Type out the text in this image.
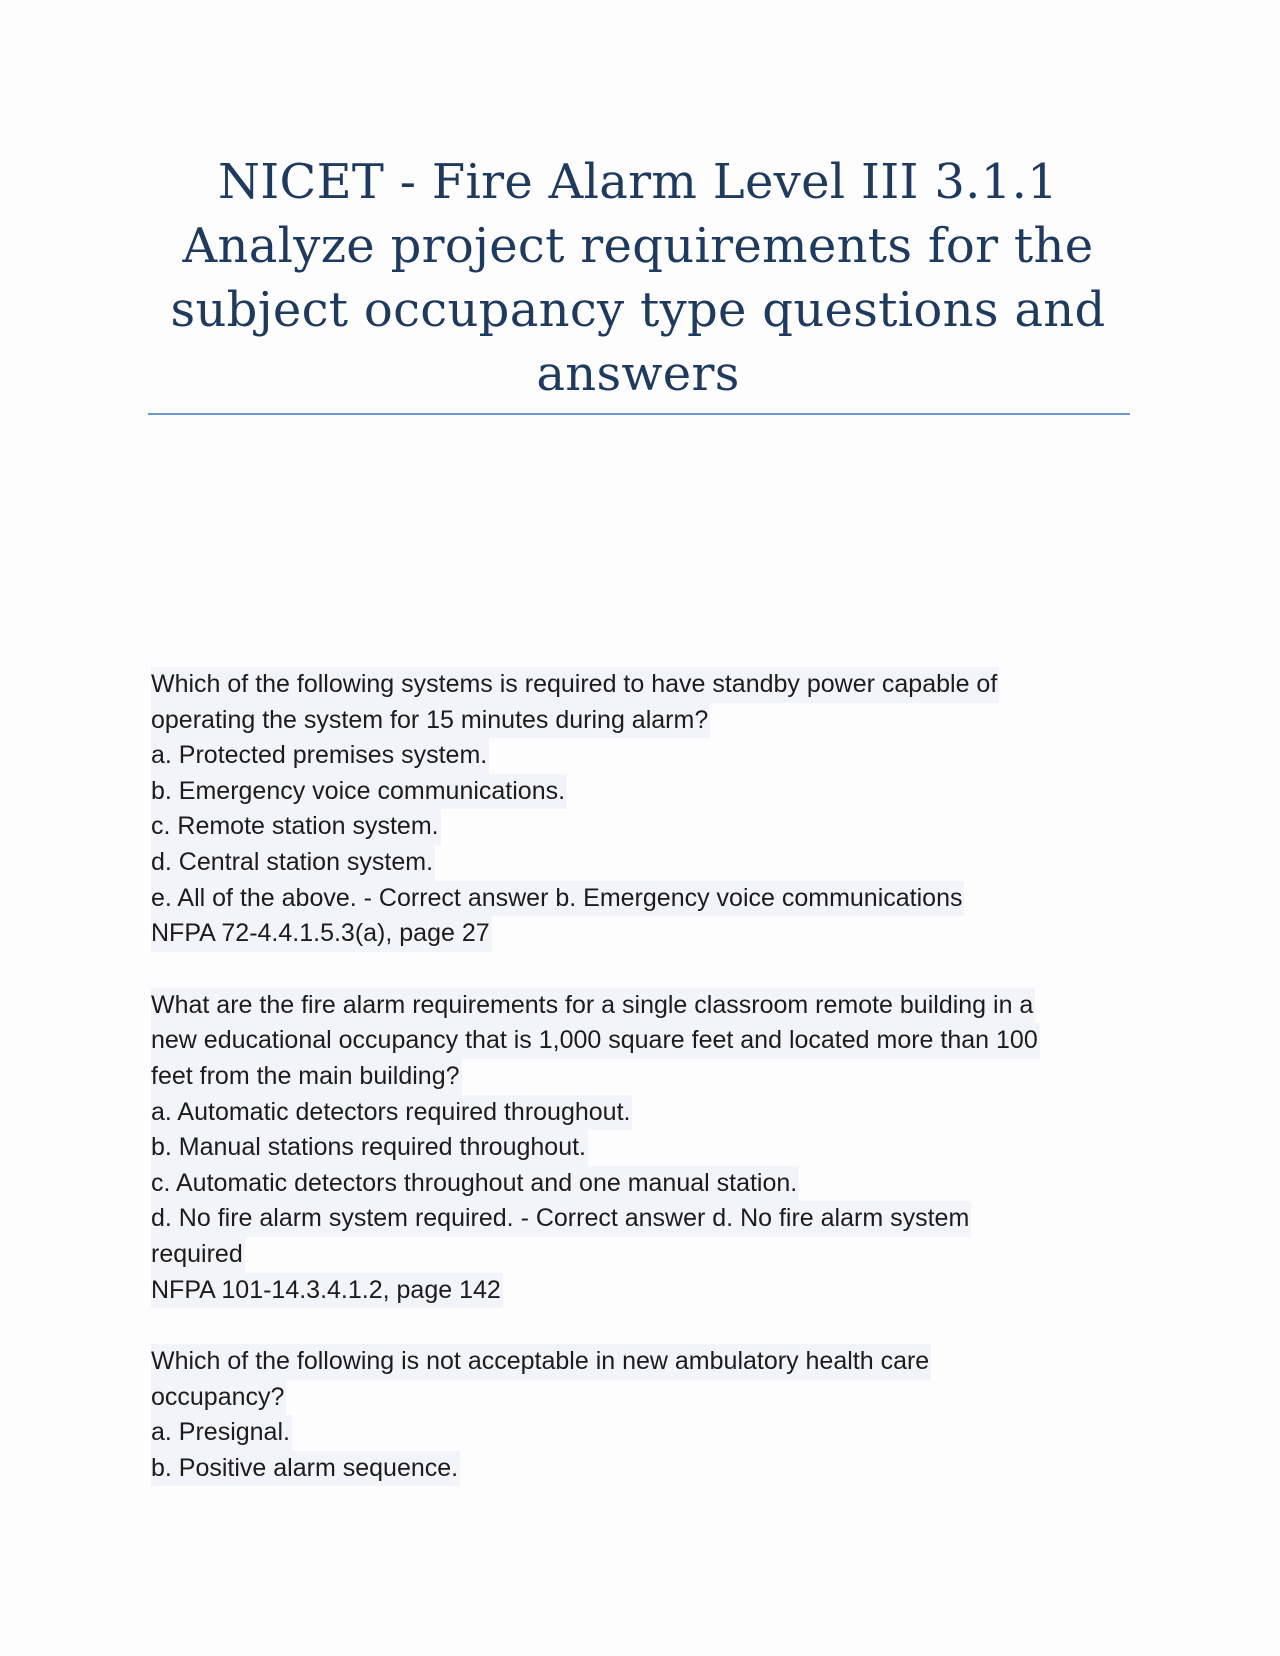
NICET - Fire Alarm Level III 3.1.1
Analyze project requirements for the
subject occupancy type questions and
answers
Which of the following systems is required to have standby power capable of
operating the system for 15 minutes during alarm?
a. Protected premises system.
b. Emergency voice communications.
c. Remote station system.
d. Central station system.
e. All of the above. - Correct answer b. Emergency voice communications
NFPA 72-4.4.1.5.3(a), page 27
What are the fire alarm requirements for a single classroom remote building in a
new educational occupancy that is 1,000 square feet and located more than 100
feet from the main building?
a. Automatic detectors required throughout.
b. Manual stations required throughout.
c. Automatic detectors throughout and one manual station.
d. No fire alarm system required. - Correct answer d. No fire alarm system
required
NFPA 101-14.3.4.1.2, page 142
Which of the following is not acceptable in new ambulatory health care
occupancy?
a. Presignal.
b. Positive alarm sequence.
